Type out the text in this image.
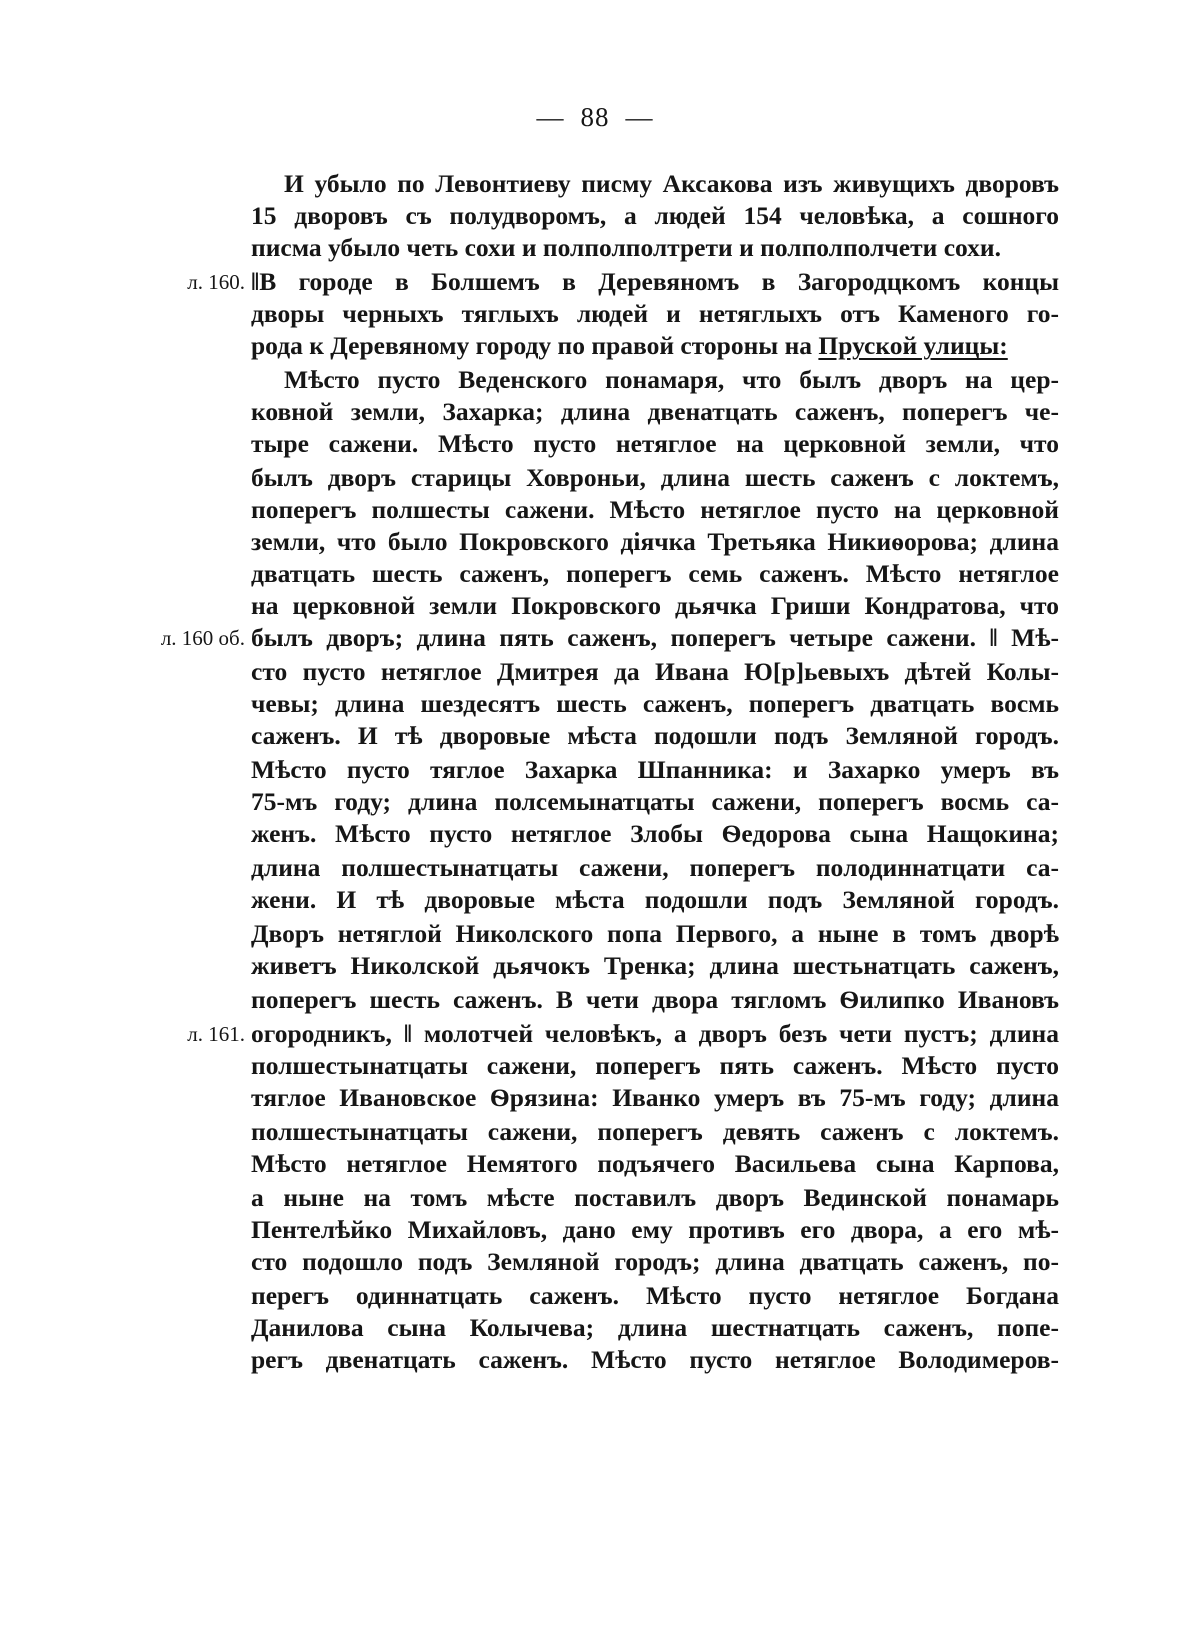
— 88 —
л. 160.
л. 160 об.
л. 161.
И убыло по Левонтиеву писму Аксакова изъ живущихъ дворовъ
15 дворовъ съ полудворомъ, а людей 154 человѣка, а сошного
писма убыло четь сохи и полполполтрети и полполполчети сохи.
‖В городе в Болшемъ в Деревяномъ в Загородцкомъ концы
дворы черныхъ тяглыхъ людей и нетяглыхъ отъ Каменого го-
рода к Деревяному городу по правой стороны на Пруской улицы:
Мѣсто пусто Веденского понамаря, что былъ дворъ на цер-
ковной земли, Захарка; длина двенатцать саженъ, поперегъ че-
тыре сажени. Мѣсто пусто нетяглое на церковной земли, что
былъ дворъ старицы Ховроньи, длина шесть саженъ с локтемъ,
поперегъ полшесты сажени. Мѣсто нетяглое пусто на церковной
земли, что было Покровского діячка Третьяка Никиѳорова; длина
дватцать шесть саженъ, поперегъ семь саженъ. Мѣсто нетяглое
на церковной земли Покровского дьячка Гриши Кондратова, что
былъ дворъ; длина пять саженъ, поперегъ четыре сажени. ‖ Мѣ-
сто пусто нетяглое Дмитрея да Ивана Ю[р]ьевыхъ дѣтей Колы-
чевы; длина шездесятъ шесть саженъ, поперегъ дватцать восмь
саженъ. И тѣ дворовые мѣста подошли подъ Земляной городъ.
Мѣсто пусто тяглое Захарка Шпанника: и Захарко умеръ въ
75-мъ году; длина полсемынатцаты сажени, поперегъ восмь са-
женъ. Мѣсто пусто нетяглое Злобы Ѳедорова сына Нащокина;
длина полшестынатцаты сажени, поперегъ пoлодиннатцати са-
жени. И тѣ дворовые мѣста подошли подъ Земляной городъ.
Дворъ нетяглой Николского попа Первого, а ныне в томъ дворѣ
живетъ Николской дьячокъ Тренка; длина шестьнатцать саженъ,
поперегъ шесть саженъ. В чети двора тягломъ Ѳилипко Ивановъ
огородникъ, ‖ молотчей человѣкъ, а дворъ безъ чети пустъ; длина
полшестынатцаты сажени, поперегъ пять саженъ. Мѣсто пусто
тяглое Ивановское Ѳрязина: Иванко умеръ въ 75-мъ году; длина
полшестынатцаты сажени, поперегъ девять саженъ с локтемъ.
Мѣсто нетяглое Немятого подъячего Васильева сына Карпова,
а ныне на томъ мѣсте поставилъ дворъ Вединской понамарь
Пентелѣйко Михайловъ, дано ему противъ его двора, а его мѣ-
сто подошло подъ Земляной городъ; длина дватцать саженъ, по-
перегъ одиннатцать саженъ. Мѣсто пусто нетяглое Богдана
Данилова сына Колычева; длина шестнатцать саженъ, попе-
регъ двенатцать саженъ. Мѣсто пусто нетяглое Володимеров-
